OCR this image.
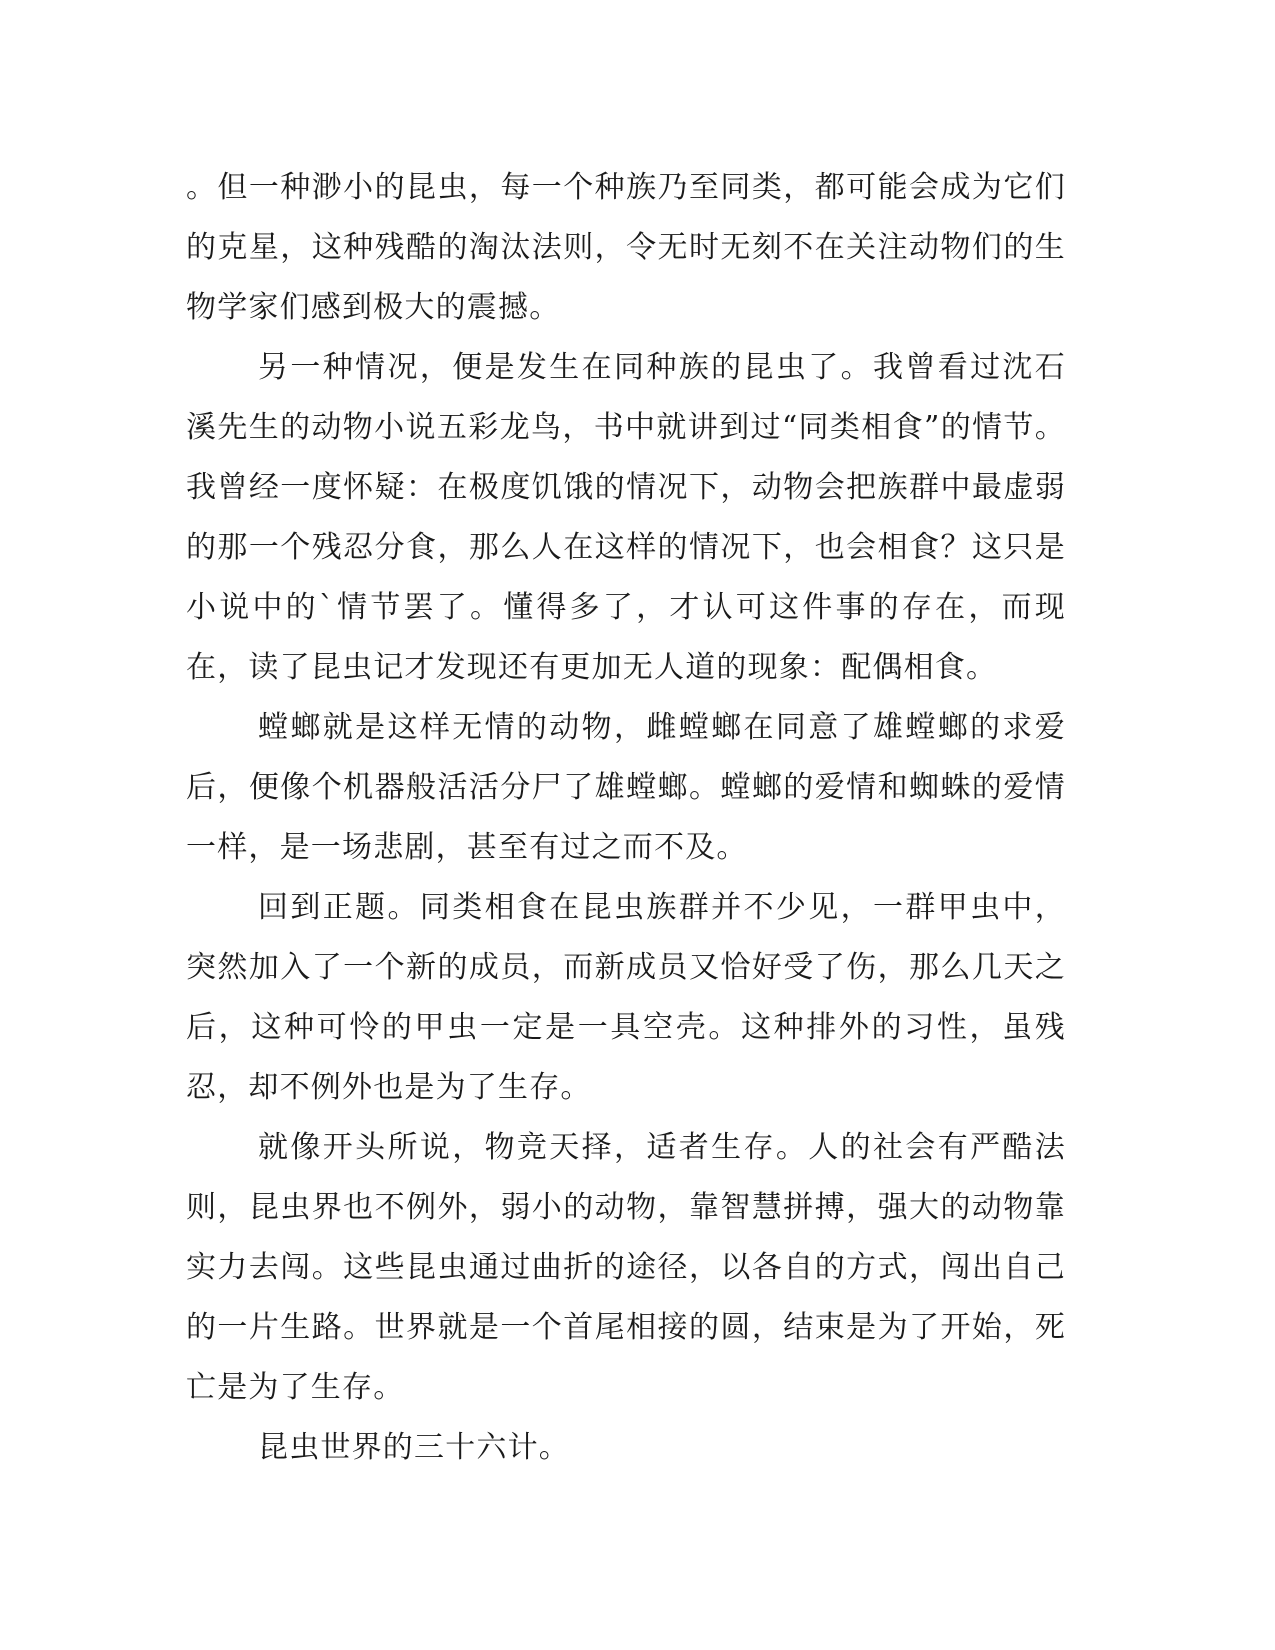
。但一种渺小的昆虫，每一个种族乃至同类，都可能会成为它们的克星，这种残酷的淘汰法则，令无时无刻不在关注动物们的生物学家们感到极大的震撼。

另一种情况，便是发生在同种族的昆虫了。我曾看过沈石溪先生的动物小说五彩龙鸟，书中就讲到过“同类相食”的情节。我曾经一度怀疑：在极度饥饿的情况下，动物会把族群中最虚弱的那一个残忍分食，那么人在这样的情况下，也会相食？这只是小说中的`情节罢了。懂得多了，才认可这件事的存在，而现在，读了昆虫记才发现还有更加无人道的现象：配偶相食。

螳螂就是这样无情的动物，雌螳螂在同意了雄螳螂的求爱后，便像个机器般活活分尸了雄螳螂。螳螂的爱情和蜘蛛的爱情一样，是一场悲剧，甚至有过之而不及。

回到正题。同类相食在昆虫族群并不少见，一群甲虫中，突然加入了一个新的成员，而新成员又恰好受了伤，那么几天之后，这种可怜的甲虫一定是一具空壳。这种排外的习性，虽残忍，却不例外也是为了生存。

就像开头所说，物竞天择，适者生存。人的社会有严酷法则，昆虫界也不例外，弱小的动物，靠智慧拼搏，强大的动物靠实力去闯。这些昆虫通过曲折的途径，以各自的方式，闯出自己的一片生路。世界就是一个首尾相接的圆，结束是为了开始，死亡是为了生存。

昆虫世界的三十六计。
